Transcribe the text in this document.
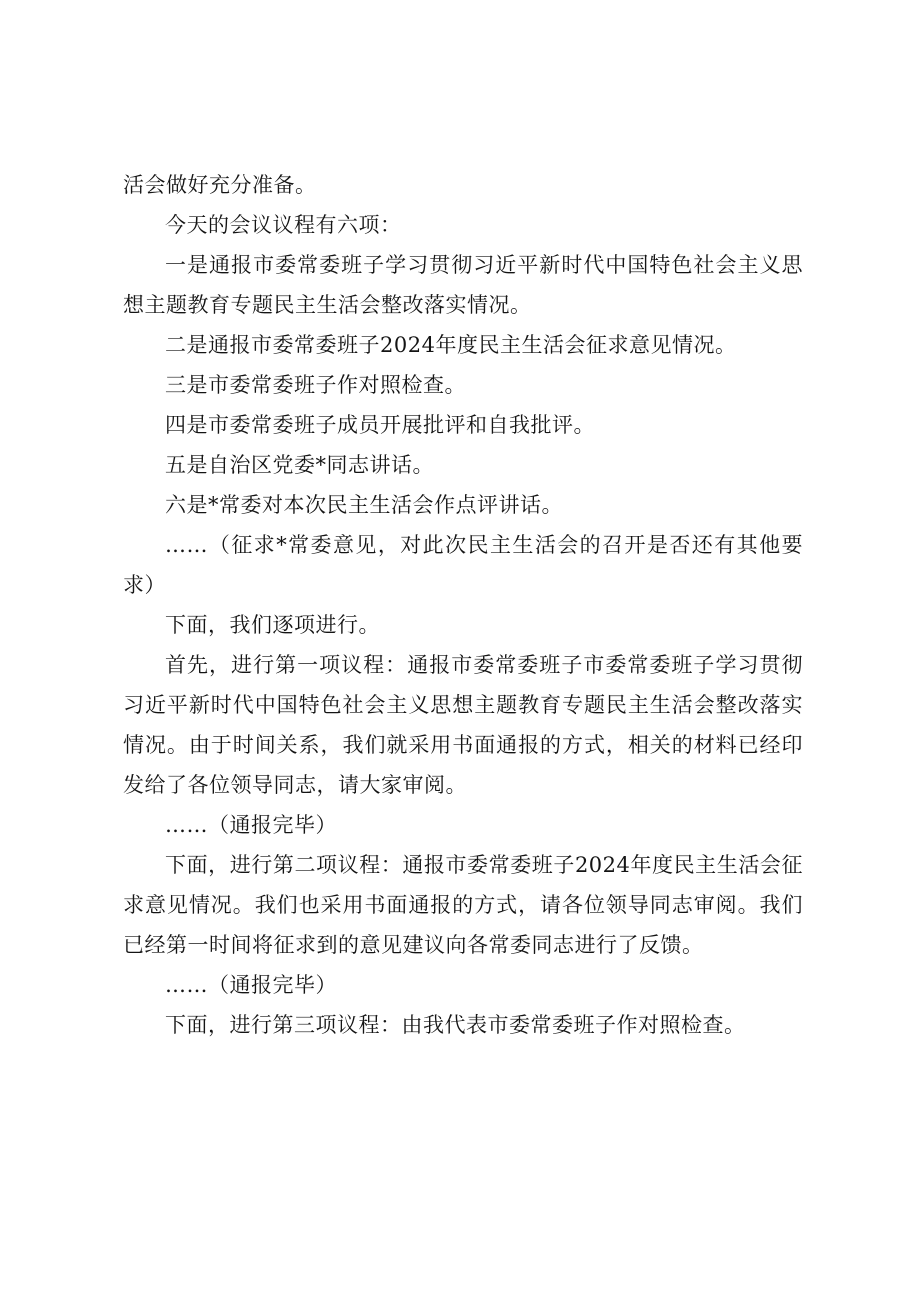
活会做好充分准备。

今天的会议议程有六项：

一是通报市委常委班子学习贯彻习近平新时代中国特色社会主义思想主题教育专题民主生活会整改落实情况。

二是通报市委常委班子2024年度民主生活会征求意见情况。

三是市委常委班子作对照检查。

四是市委常委班子成员开展批评和自我批评。

五是自治区党委*同志讲话。

六是*常委对本次民主生活会作点评讲话。

……（征求*常委意见，对此次民主生活会的召开是否还有其他要求）

下面，我们逐项进行。

首先，进行第一项议程：通报市委常委班子市委常委班子学习贯彻习近平新时代中国特色社会主义思想主题教育专题民主生活会整改落实情况。由于时间关系，我们就采用书面通报的方式，相关的材料已经印发给了各位领导同志，请大家审阅。

……（通报完毕）

下面，进行第二项议程：通报市委常委班子2024年度民主生活会征求意见情况。我们也采用书面通报的方式，请各位领导同志审阅。我们已经第一时间将征求到的意见建议向各常委同志进行了反馈。

……（通报完毕）

下面，进行第三项议程：由我代表市委常委班子作对照检查。
